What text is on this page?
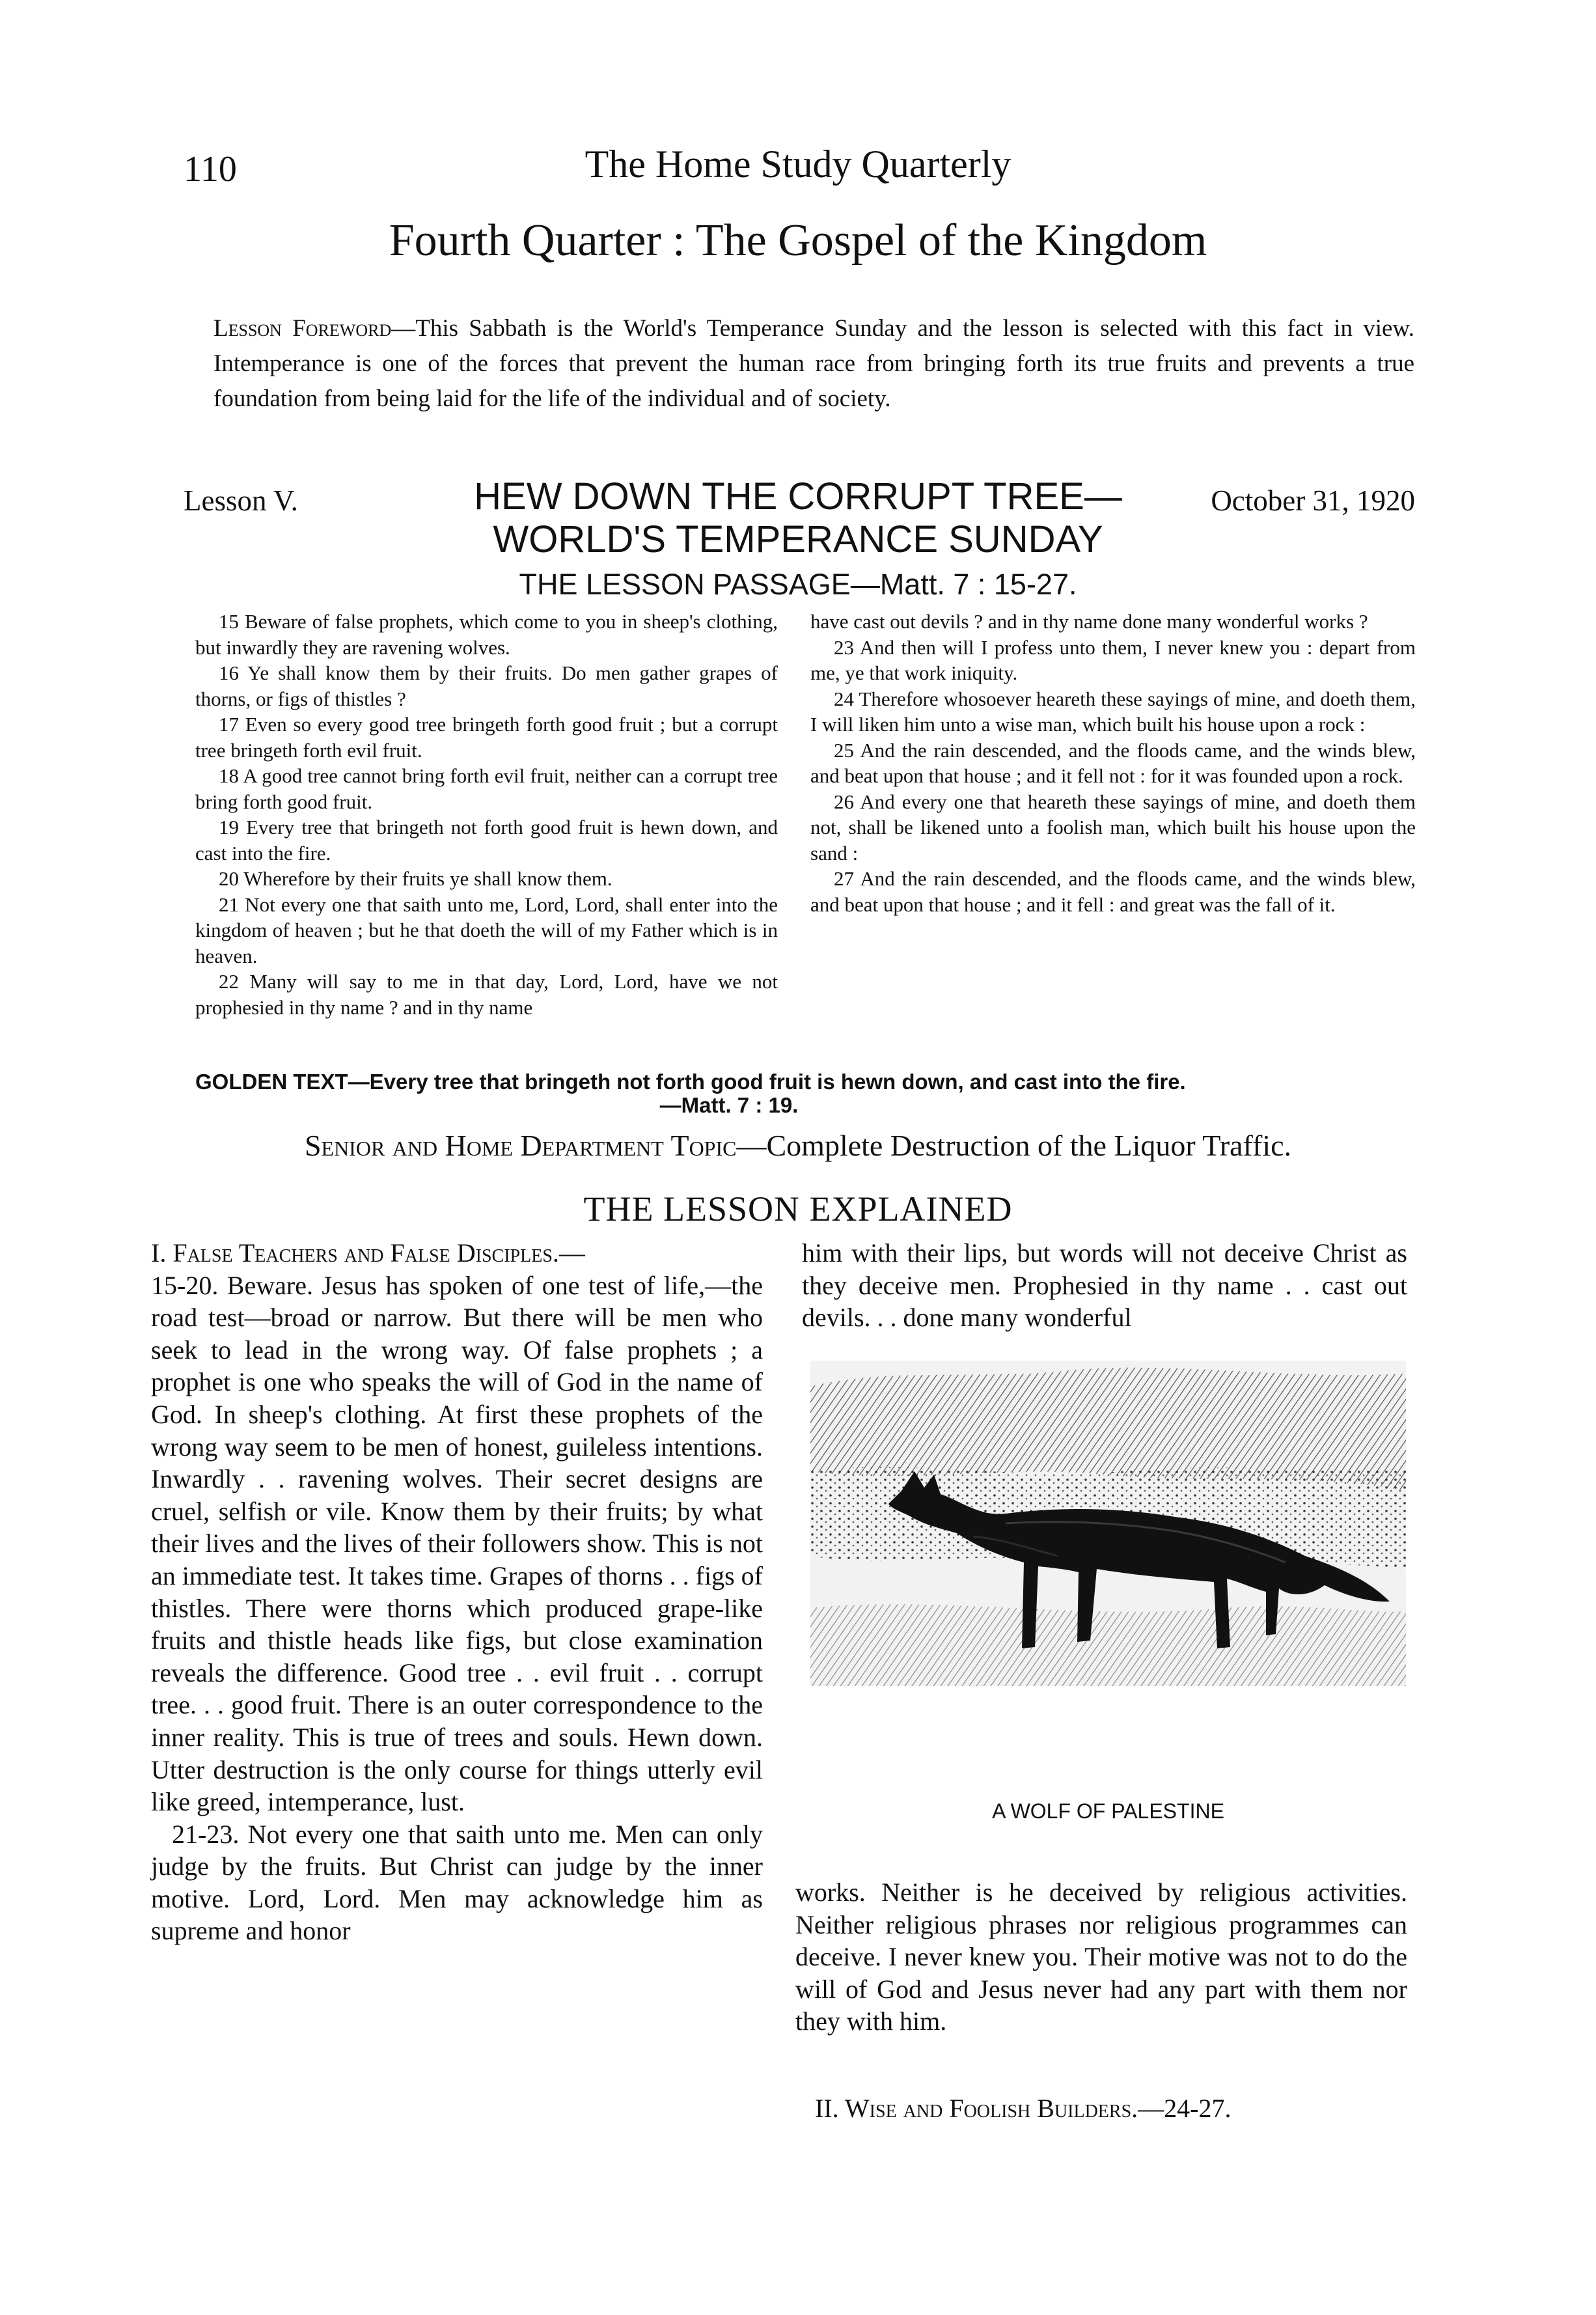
110	The Home Study Quarterly
Fourth Quarter : The Gospel of the Kingdom
Lesson Foreword—This Sabbath is the World's Temperance Sunday and the lesson is selected with this fact in view. Intemperance is one of the forces that prevent the human race from bringing forth its true fruits and prevents a true foundation from being laid for the life of the individual and of society.
Lesson V.	HEW DOWN THE CORRUPT TREE—
WORLD'S TEMPERANCE SUNDAY
October 31, 1920
THE LESSON PASSAGE—Matt. 7 : 15-27.

15 Beware of false prophets, which come to you in sheep's clothing, but inwardly they are ravening wolves.

16 Ye shall know them by their fruits. Do men gather grapes of thorns, or figs of thistles ?

17 Even so every good tree bringeth forth good fruit ; but a corrupt tree bringeth forth evil fruit.

18 A good tree cannot bring forth evil fruit, neither can a corrupt tree bring forth good fruit.

19 Every tree that bringeth not forth good fruit is hewn down, and cast into the fire.

20 Wherefore by their fruits ye shall know them.

21 Not every one that saith unto me, Lord, Lord, shall enter into the kingdom of heaven ; but he that doeth the will of my Father which is in heaven.

22 Many will say to me in that day, Lord, Lord, have we not prophesied in thy name ? and in thy name

have cast out devils ? and in thy name done many wonderful works ?

23 And then will I profess unto them, I never knew you : depart from me, ye that work iniquity.

24 Therefore whosoever heareth these sayings of mine, and doeth them, I will liken him unto a wise man, which built his house upon a rock :

25 And the rain descended, and the floods came, and the winds blew, and beat upon that house ; and it fell not : for it was founded upon a rock.

26 And every one that heareth these sayings of mine, and doeth them not, shall be likened unto a foolish man, which built his house upon the sand :

27 And the rain descended, and the floods came, and the winds blew, and beat upon that house ; and it fell : and great was the fall of it.

GOLDEN TEXT—Every tree that bringeth not forth good fruit is hewn down, and cast into the fire.
—Matt. 7 : 19.
Senior and Home Department Topic—Complete Destruction of the Liquor Traffic.
THE LESSON EXPLAINED

I. False Teachers and False Disciples.—

15-20. Beware. Jesus has spoken of one test of life,—the road test—broad or narrow. But there will be men who seek to lead in the wrong way. Of false prophets ; a prophet is one who speaks the will of God in the name of God. In sheep's clothing. At first these prophets of the wrong way seem to be men of honest, guileless intentions. Inwardly . . ravening wolves. Their secret designs are cruel, selfish or vile. Know them by their fruits; by what their lives and the lives of their followers show. This is not an immediate test. It takes time. Grapes of thorns . . figs of thistles. There were thorns which produced grape-like fruits and thistle heads like figs, but close examination reveals the difference. Good tree . . evil fruit . . corrupt tree. . . good fruit. There is an outer correspondence to the inner reality. This is true of trees and souls. Hewn down. Utter destruction is the only course for things utterly evil like greed, intemperance, lust.

21-23. Not every one that saith unto me. Men can only judge by the fruits. But Christ can judge by the inner motive. Lord, Lord. Men may acknowledge him as supreme and honor

him with their lips, but words will not deceive Christ as they deceive men. Prophesied in thy name . . cast out devils. . . done many wonderful

A WOLF OF PALESTINE

works. Neither is he deceived by religious activities. Neither religious phrases nor religious programmes can deceive. I never knew you. Their motive was not to do the will of God and Jesus never had any part with them nor they with him.

II. Wise and Foolish Builders.—24-27.
